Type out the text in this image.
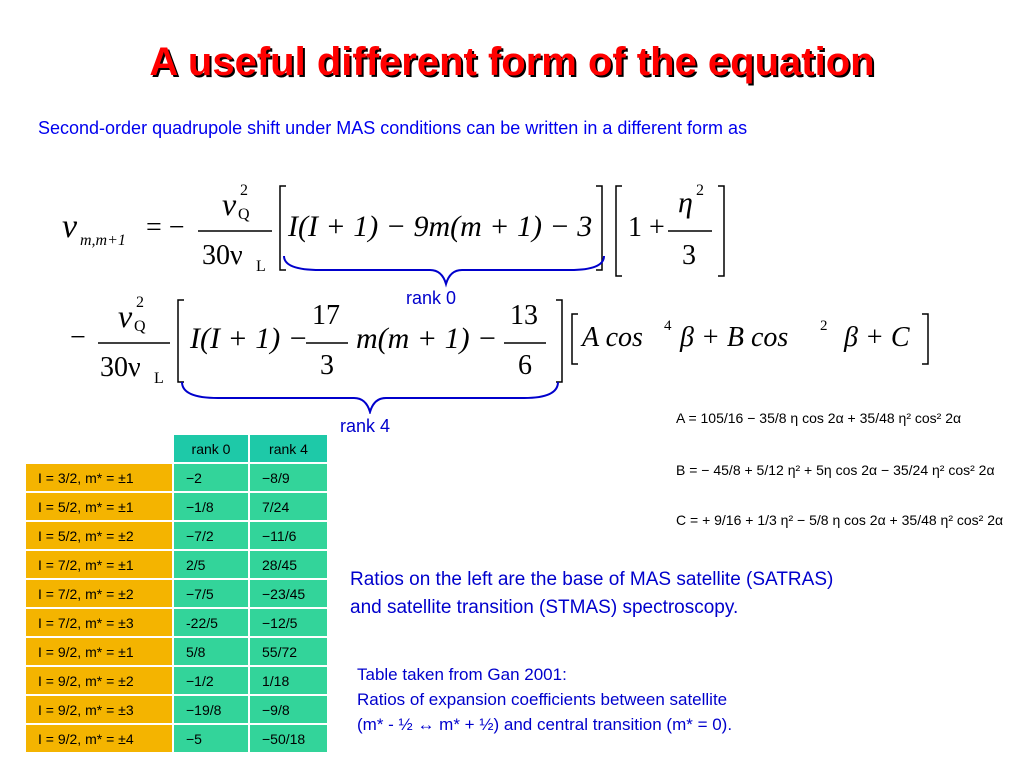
A useful different form of the equation
Second-order quadrupole shift under MAS conditions can be written in a different form as
ν m,m+1 = −
ν 2
Q
30ν L
I(I + 1) − 9m(m + 1) − 3 1 +
η 2
3
rank 0
−
ν 2
Q
30ν L
I(I + 1) −
17
3
m(m + 1) −
13
6
A cos 4 β + B cos 2 β + C
rank 4	A = 105/16 − 35/8 η cos 2α + 35/48 η² cos² 2α
B = − 45/8 + 5/12 η² + 5η cos 2α − 35/24 η² cos² 2α
C = + 9/16 + 1/3 η² − 5/8 η cos 2α + 35/48 η² cos² 2α
rank 0	rank 4
I = 3/2, m* = ±1	−2	−8/9
I = 5/2, m* = ±1	−1/8	7/24
I = 5/2, m* = ±2	−7/2	−11/6
I = 7/2, m* = ±1	2/5	28/45
I = 7/2, m* = ±2	−7/5	−23/45
I = 7/2, m* = ±3	-22/5	−12/5
I = 9/2, m* = ±1	5/8	55/72
I = 9/2, m* = ±2	−1/2	1/18
I = 9/2, m* = ±3	−19/8	−9/8
I = 9/2, m* = ±4	−5	−50/18
Ratios on the left are the base of MAS satellite (SATRAS)
and satellite transition (STMAS) spectroscopy.
Table taken from Gan 2001:
Ratios of expansion coefficients between satellite
(m* - ½ ↔ m* + ½) and central transition (m* = 0).
